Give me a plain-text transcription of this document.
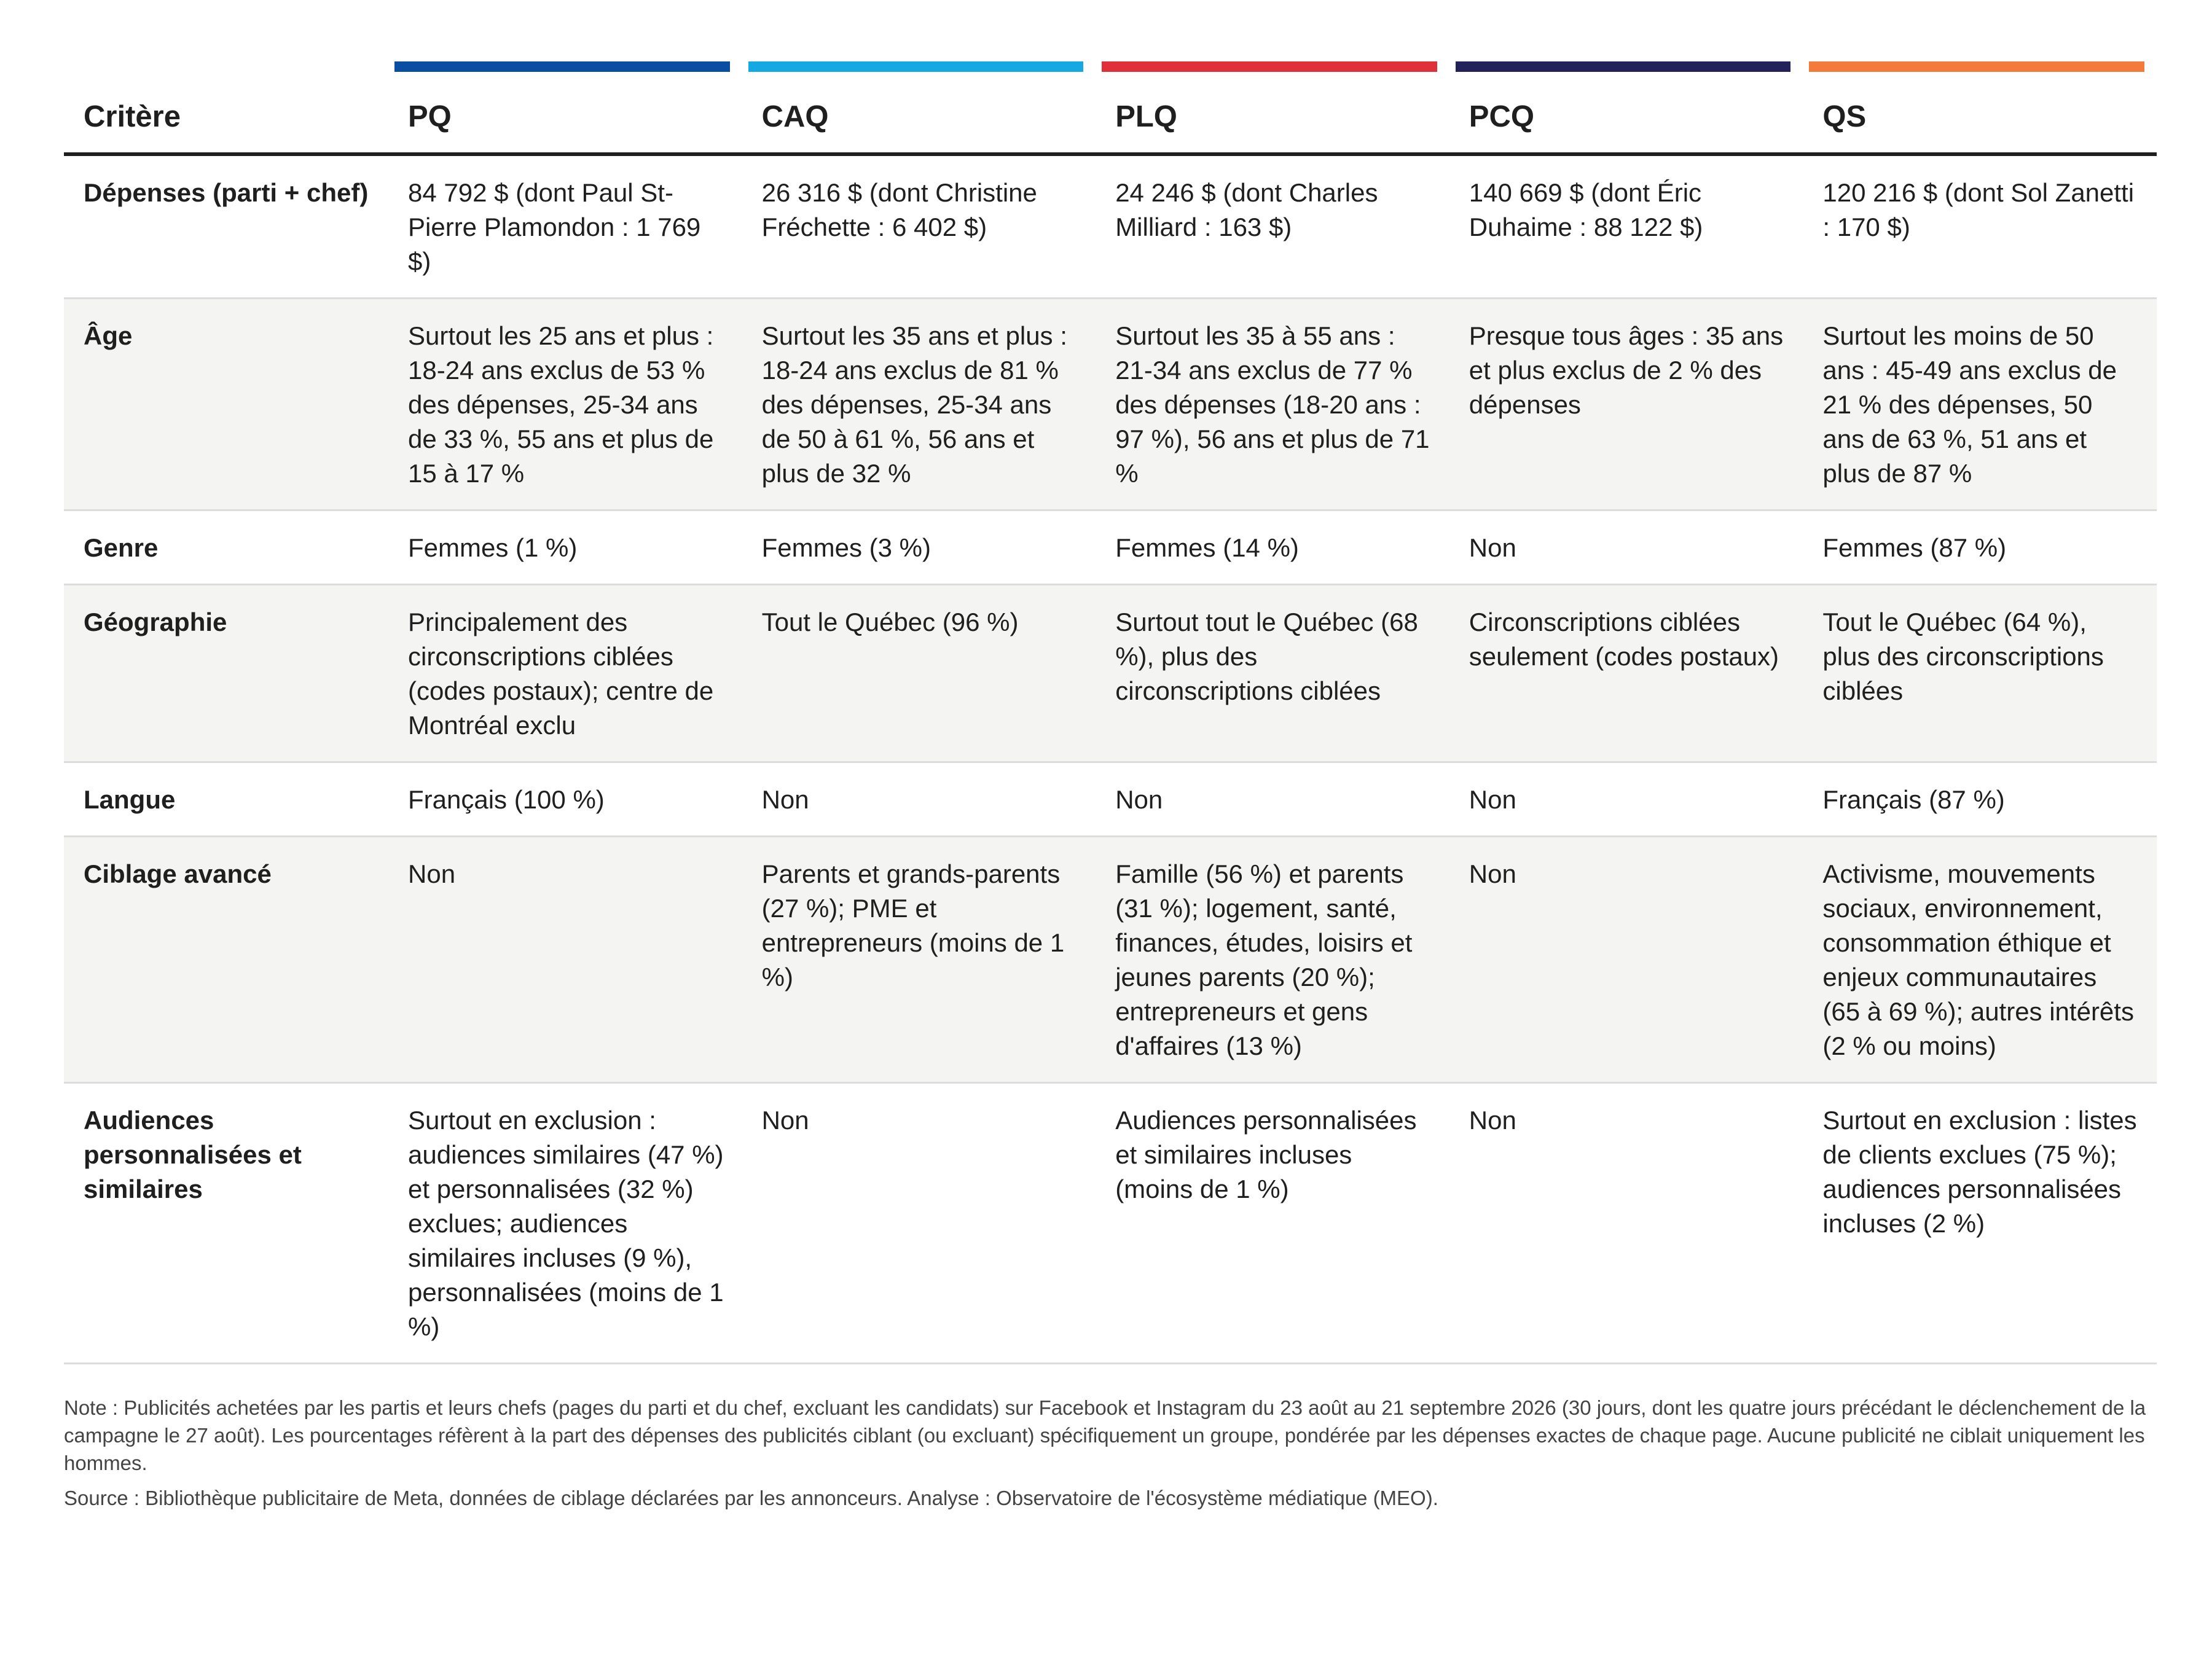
Critère	PQ	CAQ	PLQ	PCQ	QS

Dépenses (parti + chef)	84 792 $ (dont Paul St-Pierre Plamondon : 1 769 $)	26 316 $ (dont Christine Fréchette : 6 402 $)	24 246 $ (dont Charles Milliard : 163 $)	140 669 $ (dont Éric Duhaime : 88 122 $)	120 216 $ (dont Sol Zanetti : 170 $)
Âge	Surtout les 25 ans et plus : 18-24 ans exclus de 53 % des dépenses, 25-34 ans de 33 %, 55 ans et plus de 15 à 17 %	Surtout les 35 ans et plus : 18-24 ans exclus de 81 % des dépenses, 25-34 ans de 50 à 61 %, 56 ans et plus de 32 %	Surtout les 35 à 55 ans : 21-34 ans exclus de 77 % des dépenses (18-20 ans : 97 %), 56 ans et plus de 71 %	Presque tous âges : 35 ans et plus exclus de 2 % des dépenses	Surtout les moins de 50 ans : 45-49 ans exclus de 21 % des dépenses, 50 ans de 63 %, 51 ans et plus de 87 %
Genre	Femmes (1 %)	Femmes (3 %)	Femmes (14 %)	Non	Femmes (87 %)
Géographie	Principalement des circonscriptions ciblées (codes postaux); centre de Montréal exclu	Tout le Québec (96 %)	Surtout tout le Québec (68 %), plus des circonscriptions ciblées	Circonscriptions ciblées seulement (codes postaux)	Tout le Québec (64 %), plus des circonscriptions ciblées
Langue	Français (100 %)	Non	Non	Non	Français (87 %)
Ciblage avancé	Non	Parents et grands-parents (27 %); PME et entrepreneurs (moins de 1 %)	Famille (56 %) et parents (31 %); logement, santé, finances, études, loisirs et jeunes parents (20 %); entrepreneurs et gens d'affaires (13 %)	Non	Activisme, mouvements sociaux, environnement, consommation éthique et enjeux communautaires (65 à 69 %); autres intérêts (2 % ou moins)
Audiences personnalisées et similaires	Surtout en exclusion : audiences similaires (47 %) et personnalisées (32 %) exclues; audiences similaires incluses (9 %), personnalisées (moins de 1 %)	Non	Audiences personnalisées et similaires incluses (moins de 1 %)	Non	Surtout en exclusion : listes de clients exclues (75 %); audiences personnalisées incluses (2 %)

Note : Publicités achetées par les partis et leurs chefs (pages du parti et du chef, excluant les candidats) sur Facebook et Instagram du 23 août au 21 septembre 2026 (30 jours, dont les quatre jours précédant le déclenchement de la campagne le 27 août). Les pourcentages réfèrent à la part des dépenses des publicités ciblant (ou excluant) spécifiquement un groupe, pondérée par les dépenses exactes de chaque page. Aucune publicité ne ciblait uniquement les hommes.

Source : Bibliothèque publicitaire de Meta, données de ciblage déclarées par les annonceurs. Analyse : Observatoire de l'écosystème médiatique (MEO).
